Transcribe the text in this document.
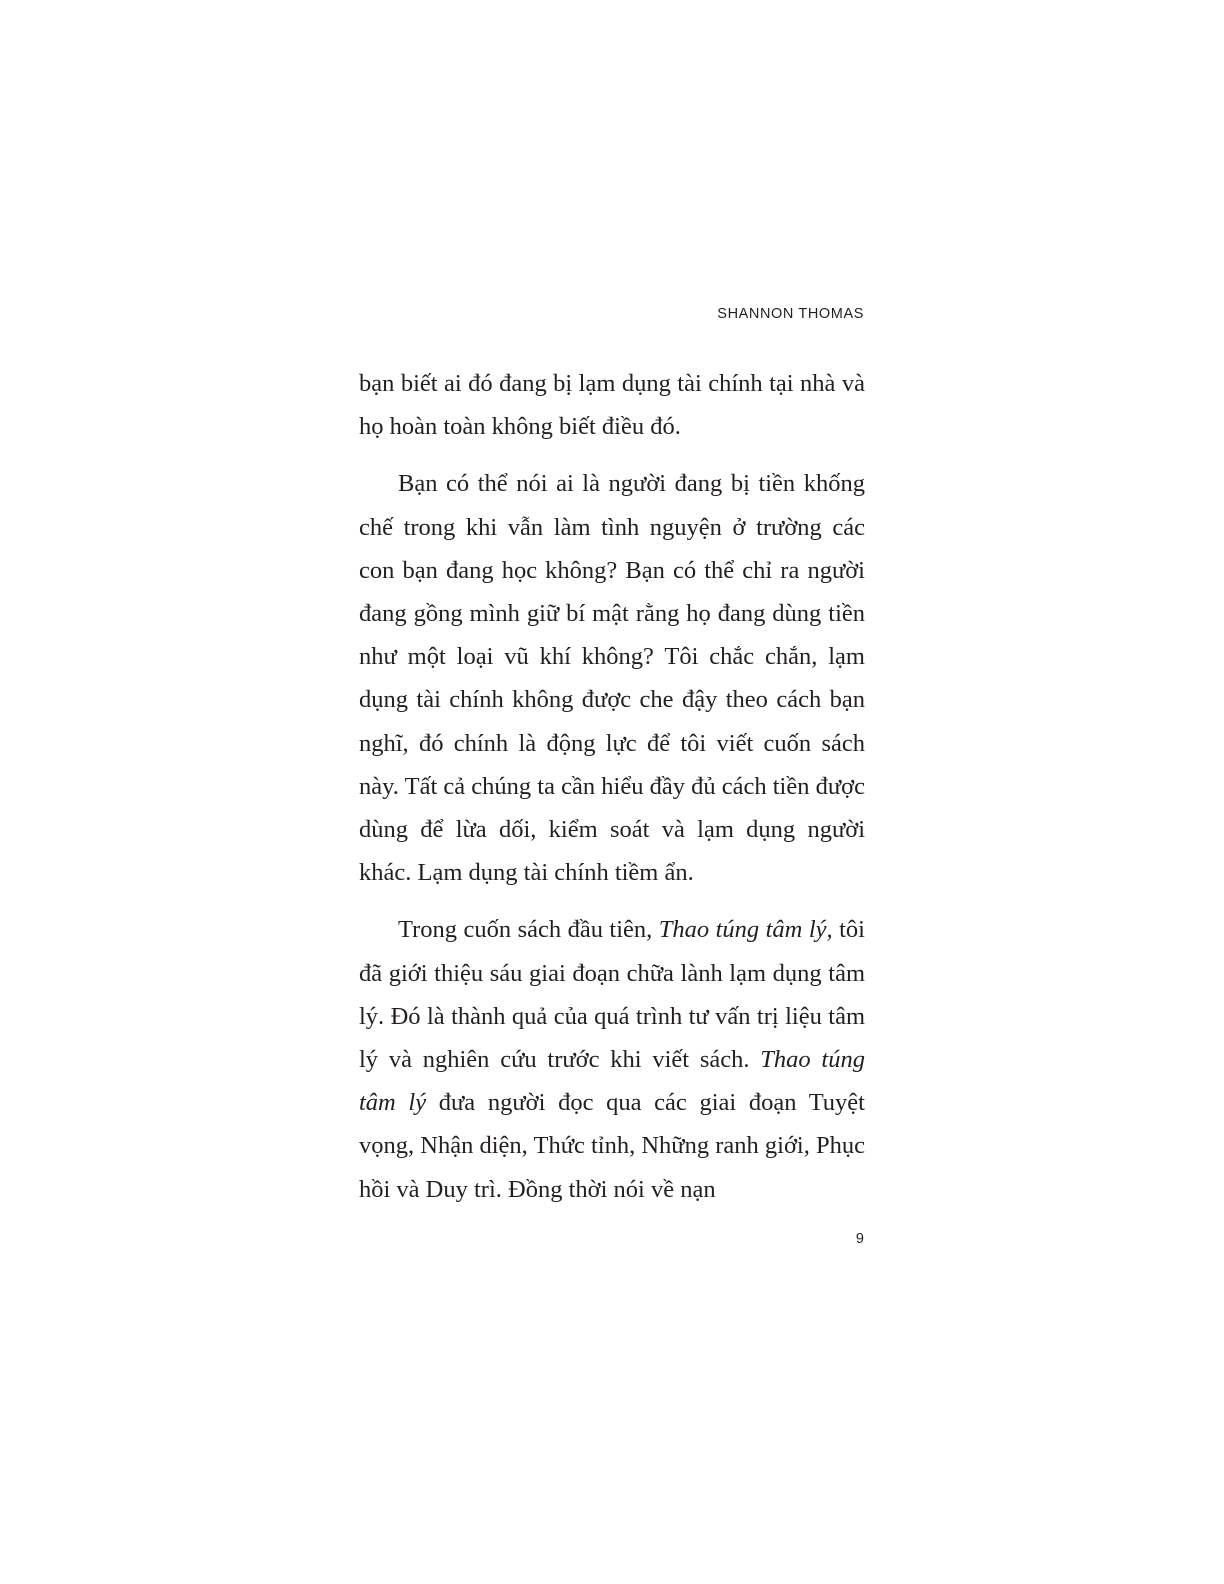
SHANNON THOMAS

bạn biết ai đó đang bị lạm dụng tài chính tại nhà và họ hoàn toàn không biết điều đó.

Bạn có thể nói ai là người đang bị tiền khống chế trong khi vẫn làm tình nguyện ở trường các con bạn đang học không? Bạn có thể chỉ ra người đang gồng mình giữ bí mật rằng họ đang dùng tiền như một loại vũ khí không? Tôi chắc chắn, lạm dụng tài chính không được che đậy theo cách bạn nghĩ, đó chính là động lực để tôi viết cuốn sách này. Tất cả chúng ta cần hiểu đầy đủ cách tiền được dùng để lừa dối, kiểm soát và lạm dụng người khác. Lạm dụng tài chính tiềm ẩn.

Trong cuốn sách đầu tiên, Thao túng tâm lý, tôi đã giới thiệu sáu giai đoạn chữa lành lạm dụng tâm lý. Đó là thành quả của quá trình tư vấn trị liệu tâm lý và nghiên cứu trước khi viết sách. Thao túng tâm lý đưa người đọc qua các giai đoạn Tuyệt vọng, Nhận diện, Thức tỉnh, Những ranh giới, Phục hồi và Duy trì. Đồng thời nói về nạn

9
